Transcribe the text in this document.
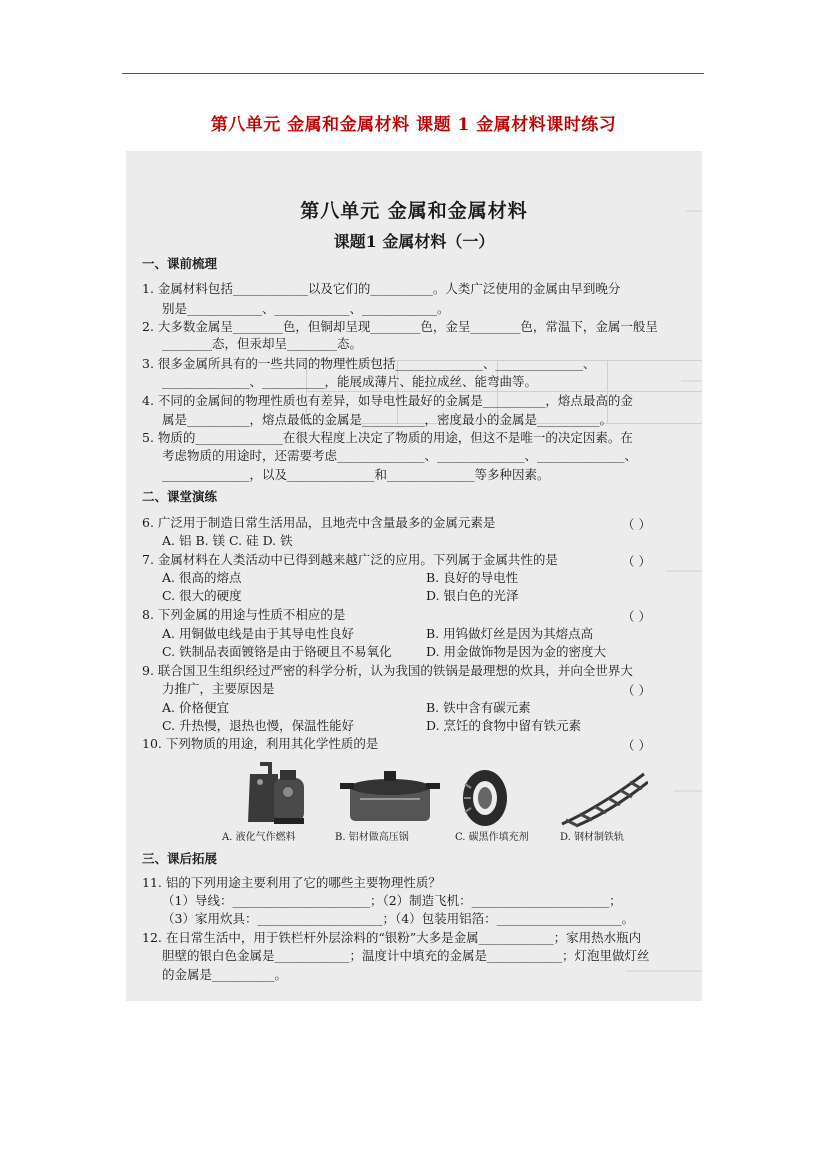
第八单元 金属和金属材料 课题 1 金属材料课时练习
第八单元 金属和金属材料
课题1 金属材料（一）
一、课前梳理
1. 金属材料包括____________以及它们的__________。人类广泛使用的金属由早到晚分
别是____________、____________、____________。
2. 大多数金属呈________色，但铜却呈现________色，金呈________色，常温下，金属一般呈
________态，但汞却呈________态。
3. 很多金属所具有的一些共同的物理性质包括______________、______________、
______________、__________，能展成薄片、能拉成丝、能弯曲等。
4. 不同的金属间的物理性质也有差异，如导电性最好的金属是__________，熔点最高的金
属是__________，熔点最低的金属是__________，密度最小的金属是__________。
5. 物质的______________在很大程度上决定了物质的用途，但这不是唯一的决定因素。在
考虑物质的用途时，还需要考虑______________、______________、______________、
______________，以及______________和______________等多种因素。
二、课堂演练
6. 广泛用于制造日常生活用品，且地壳中含量最多的金属元素是	（ ）
A. 铝 B. 镁 C. 硅 D. 铁
7. 金属材料在人类活动中已得到越来越广泛的应用。下列属于金属共性的是	（ ）
A. 很高的熔点	B. 良好的导电性
C. 很大的硬度	D. 银白色的光泽
8. 下列金属的用途与性质不相应的是	（ ）
A. 用铜做电线是由于其导电性良好	B. 用钨做灯丝是因为其熔点高
C. 铁制品表面镀铬是由于铬硬且不易氧化	D. 用金做饰物是因为金的密度大
9. 联合国卫生组织经过严密的科学分析，认为我国的铁锅是最理想的炊具，并向全世界大
力推广，主要原因是	（ ）
A. 价格便宜	B. 铁中含有碳元素
C. 升热慢，退热也慢，保温性能好	D. 烹饪的食物中留有铁元素
10. 下列物质的用途，利用其化学性质的是	（ ）
A. 液化气作燃料	B. 铝材做高压锅	C. 碳黑作填充剂	D. 钢材制铁轨
三、课后拓展
11. 铝的下列用途主要利用了它的哪些主要物理性质？
（1）导线：______________________；（2）制造飞机：______________________；
（3）家用炊具：____________________；（4）包装用铝箔：____________________。
12. 在日常生活中，用于铁栏杆外层涂料的“银粉”大多是金属____________；家用热水瓶内
胆壁的银白色金属是____________；温度计中填充的金属是____________；灯泡里做灯丝
的金属是__________。
